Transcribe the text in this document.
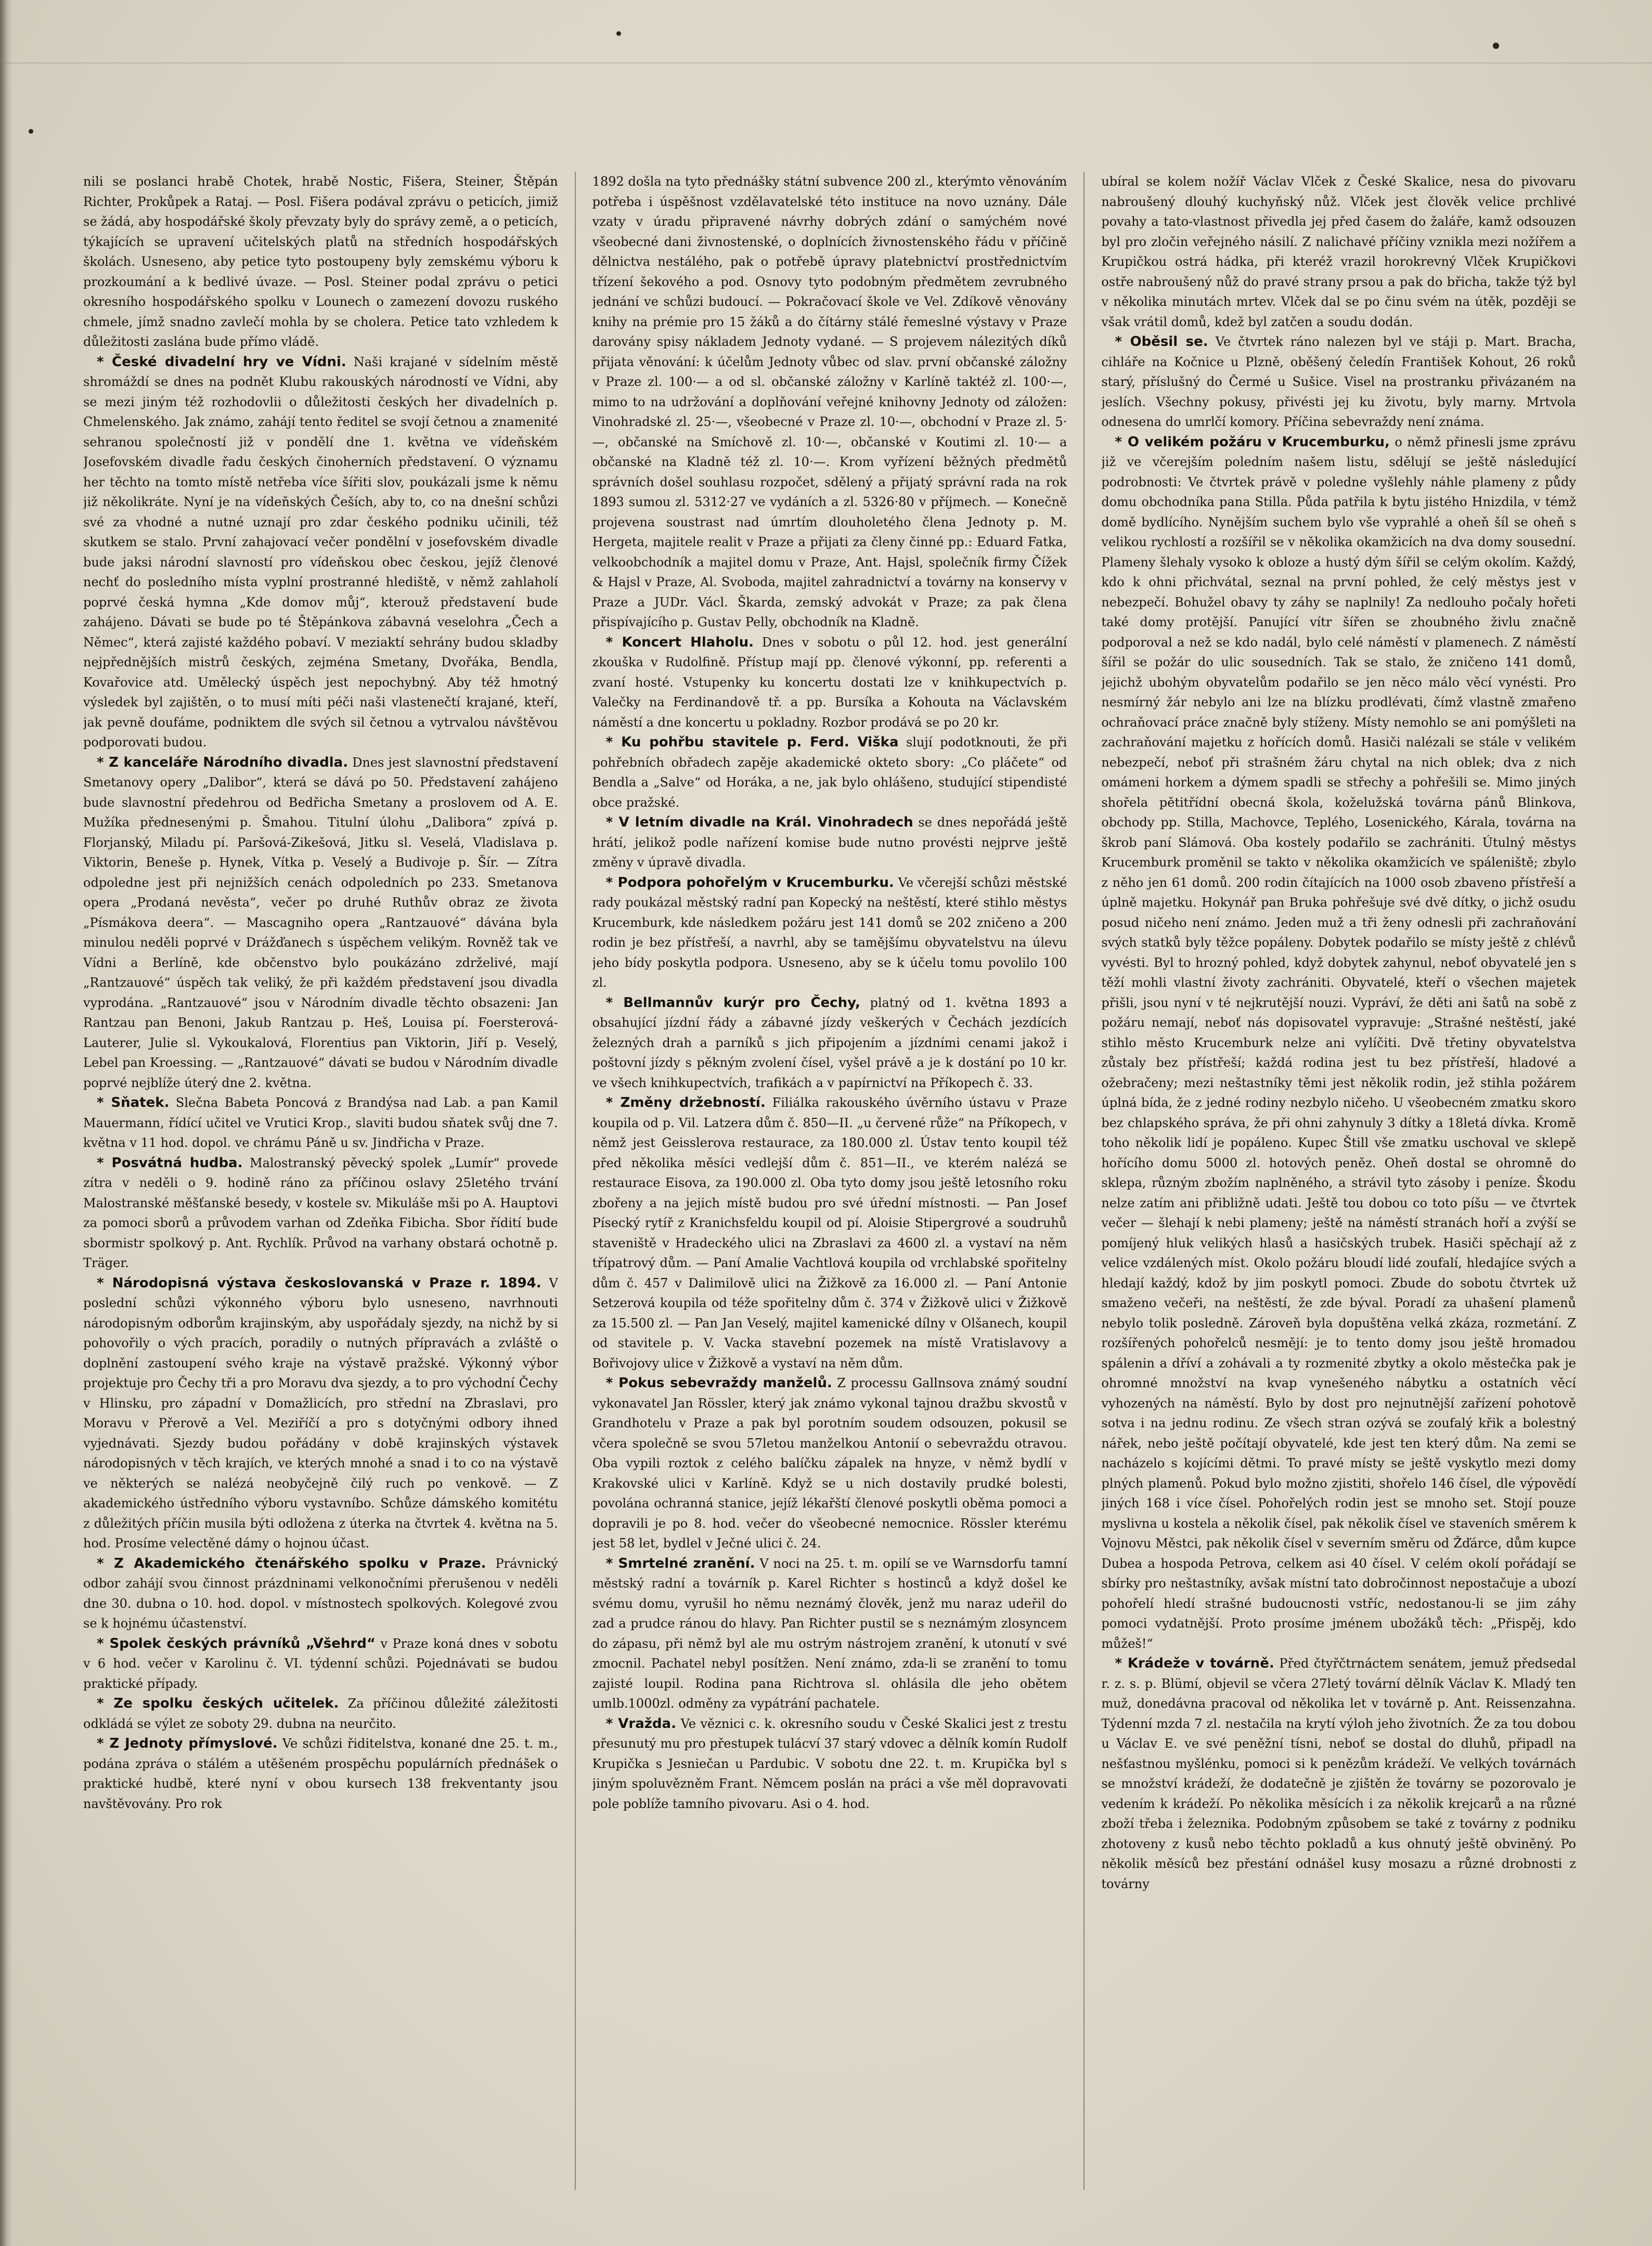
nili se poslanci hrabě Chotek, hrabě Nostic, Fišera, Steiner, Štěpán Richter, Prokůpek a Rataj. — Posl. Fišera podával zprávu o peticích, jimiž se žádá, aby hospodářské školy převzaty byly do správy země, a o peticích, týkajících se upravení učitelských platů na středních hospodářských školách. Usneseno, aby petice tyto postoupeny byly zemskému výboru k prozkoumání a k bedlivé úvaze. — Posl. Steiner podal zprávu o petici okresního hospodářského spolku v Lounech o zamezení dovozu ruského chmele, jímž snadno zavlečí mohla by se cholera. Petice tato vzhledem k důležitosti zaslána bude přímo vládě.

* České divadelní hry ve Vídni. Naši krajané v sídelním městě shromáždí se dnes na podnět Klubu rakouských národností ve Vídni, aby se mezi jiným též rozhodovlii o důležitosti českých her divadelních p. Chmelenského. Jak známo, zahájí tento ředitel se svojí četnou a znamenité sehranou společností již v pondělí dne 1. května ve vídeňském Josefovském divadle řadu českých činoherních představení. O významu her těchto na tomto místě netřeba více šířiti slov, poukázali jsme k němu již několikráte. Nyní je na vídeňských Češích, aby to, co na dnešní schůzi své za vhodné a nutné uznají pro zdar českého podniku učinili, též skutkem se stalo. První zahajovací večer pondělní v josefovském divadle bude jaksi národní slavností pro vídeňskou obec českou, jejíž členové nechť do posledního místa vyplní prostranné hlediště, v němž zahlaholí poprvé česká hymna „Kde domov můj“, kterouž představení bude zahájeno. Dávati se bude po té Štěpánkova zábavná veselohra „Čech a Němec“, která zajisté každého pobaví. V meziaktí sehrány budou skladby nejpřednějších mistrů českých, zejména Smetany, Dvořáka, Bendla, Kovařovice atd. Umělecký úspěch jest nepochybný. Aby též hmotný výsledek byl zajištěn, o to musí míti péči naši vlastenečtí krajané, kteří, jak pevně doufáme, podniktem dle svých sil četnou a vytrvalou návštěvou podporovati budou.

* Z kanceláře Národního divadla. Dnes jest slavnostní představení Smetanovy opery „Dalibor“, která se dává po 50. Představení zahájeno bude slavnostní předehrou od Bedřicha Smetany a proslovem od A. E. Mužíka přednesenými p. Šmahou. Titulní úlohu „Dalibora“ zpívá p. Florjanský, Miladu pí. Paršová-Zikešová, Jitku sl. Veselá, Vladislava p. Viktorin, Beneše p. Hynek, Vítka p. Veselý a Budivoje p. Šír. — Zítra odpoledne jest při nejnižších cenách odpoledních po 233. Smetanova opera „Prodaná nevěsta“, večer po druhé Ruthův obraz ze života „Písmákova deera“. — Mascagniho opera „Rantzauové“ dávána byla minulou neděli poprvé v Drážďanech s úspěchem velikým. Rovněž tak ve Vídni a Berlíně, kde občenstvo bylo poukázáno zdrželivé, mají „Rantzauové“ úspěch tak veliký, že při každém představení jsou divadla vyprodána. „Rantzauové“ jsou v Národním divadle těchto obsazeni: Jan Rantzau pan Benoni, Jakub Rantzau p. Heš, Louisa pí. Foersterová-Lauterer, Julie sl. Vykoukalová, Florentius pan Viktorin, Jiří p. Veselý, Lebel pan Kroessing. — „Rantzauové“ dávati se budou v Národním divadle poprvé nejblíže úterý dne 2. května.

* Sňatek. Slečna Babeta Poncová z Brandýsa nad Lab. a pan Kamil Mauermann, řídící učitel ve Vrutici Krop., slaviti budou sňatek svůj dne 7. května v 11 hod. dopol. ve chrámu Páně u sv. Jindřicha v Praze.

* Posvátná hudba. Malostranský pěvecký spolek „Lumír“ provede zítra v neděli o 9. hodině ráno za příčinou oslavy 25letého trvání Malostranské měšťanské besedy, v kostele sv. Mikuláše mši po A. Hauptovi za pomoci sborů a průvodem varhan od Zdeňka Fibicha. Sbor řídití bude sbormistr spolkový p. Ant. Rychlík. Průvod na varhany obstará ochotně p. Träger.

* Národopisná výstava českoslovanská v Praze r. 1894. V poslední schůzi výkonného výboru bylo usneseno, navrhnouti národopisným odborům krajinským, aby uspořádaly sjezdy, na nichž by si pohovořily o vých pracích, poradily o nutných přípravách a zvláště o doplnění zastoupení svého kraje na výstavě pražské. Výkonný výbor projektuje pro Čechy tři a pro Moravu dva sjezdy, a to pro východní Čechy v Hlinsku, pro západní v Domažlicích, pro střední na Zbraslavi, pro Moravu v Přerově a Vel. Meziříčí a pro s dotyčnými odbory ihned vyjednávati. Sjezdy budou pořádány v době krajinských výstavek národopisných v těch krajích, ve kterých mnohé a snad i to co na výstavě ve některých se nalézá neobyčejně čilý ruch po venkově. — Z akademického ústředního výboru vystavníbo. Schůze dámského komitétu z důležitých příčin musila býti odložena z úterka na čtvrtek 4. května na 5. hod. Prosíme velectěné dámy o hojnou účast.

* Z Akademického čtenářského spolku v Praze. Právnický odbor zahájí svou činnost prázdninami velkonočními přerušenou v neděli dne 30. dubna o 10. hod. dopol. v místnostech spolkových. Kolegové zvou se k hojnému účastenství.

* Spolek českých právníků „Všehrd“ v Praze koná dnes v sobotu v 6 hod. večer v Karolinu č. VI. týdenní schůzi. Pojednávati se budou praktické případy.

* Ze spolku českých učitelek. Za příčinou důležité záležitosti odkládá se výlet ze soboty 29. dubna na neurčito.

* Z Jednoty přímyslové. Ve schůzi řiditelstva, konané dne 25. t. m., podána zpráva o stálém a utěšeném prospěchu populárních přednášek o praktické hudbě, které nyní v obou kursech 138 frekventanty jsou navštěvovány. Pro rok

1892 došla na tyto přednášky státní subvence 200 zl., kterýmto věnováním potřeba i úspěšnost vzdělavatelské této instituce na novo uznány. Dále vzaty v úradu připravené návrhy dobrých zdání o samýchém nové všeobecné dani živnostenské, o doplnících živnostenského řádu v příčině dělnictva nestálého, pak o potřebě úpravy platebnictví prostřednictvím třízení šekového a pod. Osnovy tyto podobným předmětem zevrubného jednání ve schůzi budoucí. — Pokračovací škole ve Vel. Zdíkově věnovány knihy na prémie pro 15 žáků a do čítárny stálé řemeslné výstavy v Praze darovány spisy nákladem Jednoty vydané. — S projevem nálezitých díků přijata věnování: k účelům Jednoty vůbec od slav. první občanské záložny v Praze zl. 100·— a od sl. občanské záložny v Karlíně taktéž zl. 100·—, mimo to na udržování a doplňování veřejné knihovny Jednoty od záložen: Vinohradské zl. 25·—, všeobecné v Praze zl. 10·—, obchodní v Praze zl. 5·—, občanské na Smíchově zl. 10·—, občanské v Koutimi zl. 10·— a občanské na Kladně též zl. 10·—. Krom vyřízení běžných předmětů správních došel souhlasu rozpočet, sdělený a přijatý správní rada na rok 1893 sumou zl. 5312·27 ve vydáních a zl. 5326·80 v příjmech. — Konečně projevena soustrast nad úmrtím dlouholetého člena Jednoty p. M. Hergeta, majitele realit v Praze a přijati za členy činné pp.: Eduard Fatka, velkoobchodník a majitel domu v Praze, Ant. Hajsl, společník firmy Čížek & Hajsl v Praze, Al. Svoboda, majitel zahradnictví a továrny na konservy v Praze a JUDr. Václ. Škarda, zemský advokát v Praze; za pak člena přispívajícího p. Gustav Pelly, obchodník na Kladně.

* Koncert Hlaholu. Dnes v sobotu o půl 12. hod. jest generální zkouška v Rudolfině. Přístup mají pp. členové výkonní, pp. referenti a zvaní hosté. Vstupenky ku koncertu dostati lze v knihkupectvích p. Valečky na Ferdinandově tř. a pp. Bursíka a Kohouta na Václavském náměstí a dne koncertu u pokladny. Rozbor prodává se po 20 kr.

* Ku pohřbu stavitele p. Ferd. Viška slují podotknouti, že při pohřebních obřadech zapěje akademické okteto sbory: „Co pláčete“ od Bendla a „Salve“ od Horáka, a ne, jak bylo ohlášeno, studující stipendisté obce pražské.

* V letním divadle na Král. Vinohradech se dnes nepořádá ještě hrátí, jelikož podle nařízení komise bude nutno provésti nejprve ještě změny v úpravě divadla.

* Podpora pohořelým v Krucemburku. Ve včerejší schůzi městské rady poukázal městský radní pan Kopecký na neštěstí, které stihlo městys Krucemburk, kde následkem požáru jest 141 domů se 202 zničeno a 200 rodin je bez přístřeší, a navrhl, aby se tamějšímu obyvatelstvu na úlevu jeho bídy poskytla podpora. Usneseno, aby se k účelu tomu povolilo 100 zl.

* Bellmannův kurýr pro Čechy, platný od 1. května 1893 a obsahující jízdní řády a zábavné jízdy veškerých v Čechách jezdících železných drah a parníků s jich připojením a jízdními cenami jakož i poštovní jízdy s pěkným zvolení čísel, vyšel právě a je k dostání po 10 kr. ve všech knihkupectvích, trafikách a v papírnictví na Příkopech č. 33.

* Změny držebností. Filiálka rakouského úvěrního ústavu v Praze koupila od p. Vil. Latzera dům č. 850—II. „u červené růže“ na Příkopech, v němž jest Geisslerova restaurace, za 180.000 zl. Ústav tento koupil též před několika měsíci vedlejší dům č. 851—II., ve kterém nalézá se restaurace Eisova, za 190.000 zl. Oba tyto domy jsou ještě letosního roku zbořeny a na jejich místě budou pro své úřední místnosti. — Pan Josef Písecký rytíř z Kranichsfeldu koupil od pí. Aloisie Stipergrové a soudruhů staveniště v Hradeckého ulici na Zbraslavi za 4600 zl. a vystaví na něm třípatrový dům. — Paní Amalie Vachtlová koupila od vrchlabské spořitelny dům č. 457 v Dalimilově ulici na Žižkově za 16.000 zl. — Paní Antonie Setzerová koupila od téže spořitelny dům č. 374 v Žižkově ulici v Žižkově za 15.500 zl. — Pan Jan Veselý, majitel kamenické dílny v Olšanech, koupil od stavitele p. V. Vacka stavební pozemek na místě Vratislavovy a Bořivojovy ulice v Žižkově a vystaví na něm dům.

* Pokus sebevraždy manželů. Z processu Gallnsova známý soudní vykonavatel Jan Rössler, který jak známo vykonal tajnou dražbu skvostů v Grandhotelu v Praze a pak byl porotním soudem odsouzen, pokusil se včera společně se svou 57letou manželkou Antonií o sebevraždu otravou. Oba vypili roztok z celého balíčku zápalek na hnyze, v němž bydlí v Krakovské ulici v Karlíně. Když se u nich dostavily prudké bolesti, povolána ochranná stanice, jejíž lékařští členové poskytli oběma pomoci a dopravili je po 8. hod. večer do všeobecné nemocnice. Rössler kterému jest 58 let, bydlel v Ječné ulici č. 24.

* Smrtelné zranění. V noci na 25. t. m. opilí se ve Warnsdorfu tamní městský radní a továrník p. Karel Richter s hostinců a když došel ke svému domu, vyrušil ho němu neznámý člověk, jenž mu naraz udeřil do zad a prudce ránou do hlavy. Pan Richter pustil se s neznámým zlosyncem do zápasu, při němž byl ale mu ostrým nástrojem zranění, k utonutí v své zmocnil. Pachatel nebyl posítžen. Není známo, zda-li se zranění to tomu zajisté loupil. Rodina pana Richtrova sl. ohlásila dle jeho obětem umlb.1000zl. odměny za vypátrání pachatele.

* Vražda. Ve věznici c. k. okresního soudu v České Skalici jest z trestu přesunutý mu pro přestupek tulácví 37 starý vdovec a dělník komín Rudolf Krupička s Jesniečan u Pardubic. V sobotu dne 22. t. m. Krupička byl s jiným spoluvězněm Frant. Němcem poslán na práci a vše měl dopravovati pole poblíže tamního pivovaru. Asi o 4. hod.

ubíral se kolem nožíř Václav Vlček z České Skalice, nesa do pivovaru nabroušený dlouhý kuchyňský nůž. Vlček jest člověk velice prchlivé povahy a tato-vlastnost přivedla jej před časem do žaláře, kamž odsouzen byl pro zločin veřejného násilí. Z nalichavé příčiny vznikla mezi nožířem a Krupičkou ostrá hádka, při kteréž vrazil horokrevný Vlček Krupičkovi ostře nabroušený nůž do pravé strany prsou a pak do břicha, takže týž byl v několika minutách mrtev. Vlček dal se po činu svém na útěk, později se však vrátil domů, kdež byl zatčen a soudu dodán.

* Oběsil se. Ve čtvrtek ráno nalezen byl ve stáji p. Mart. Bracha, cihláře na Kočnice u Plzně, oběšený čeledín František Kohout, 26 roků starý, příslušný do Čermé u Sušice. Visel na prostranku přivázaném na jeslích. Všechny pokusy, přivésti jej ku životu, byly marny. Mrtvola odnesena do umrlčí komory. Příčina sebevraždy není známa.

* O velikém požáru v Krucemburku, o němž přinesli jsme zprávu již ve včerejším poledním našem listu, sdělují se ještě následující podrobnosti: Ve čtvrtek právě v poledne vyšlehly náhle plameny z půdy domu obchodníka pana Stilla. Půda patřila k bytu jistého Hnizdila, v témž domě bydlícího. Nynějším suchem bylo vše vyprahlé a oheň šíl se oheň s velikou rychlostí a rozšířil se v několika okamžicích na dva domy sousední. Plameny šlehaly vysoko k obloze a hustý dým šířil se celým okolím. Každý, kdo k ohni přichvátal, seznal na první pohled, že celý městys jest v nebezpečí. Bohužel obavy ty záhy se naplnily! Za nedlouho počaly hořeti také domy protější. Panující vítr šířen se zhoubného živlu značně podporoval a než se kdo nadál, bylo celé náměstí v plamenech. Z náměstí šířil se požár do ulic sousedních. Tak se stalo, že zničeno 141 domů, jejichž ubohým obyvatelům podařilo se jen něco málo věcí vynésti. Pro nesmírný žár nebylo ani lze na blízku prodlévati, čímž vlastně zmařeno ochraňovací práce značně byly stíženy. Místy nemohlo se ani pomýšleti na zachraňování majetku z hořících domů. Hasiči nalézali se stále v velikém nebezpečí, neboť při strašném žáru chytal na nich oblek; dva z nich omámeni horkem a dýmem spadli se střechy a pohřešili se. Mimo jiných shořela pětitřídní obecná škola, koželužská továrna pánů Blinkova, obchody pp. Stilla, Machovce, Teplého, Losenického, Kárala, továrna na škrob paní Slámová. Oba kostely podařilo se zachrániti. Útulný městys Krucemburk proměnil se takto v několika okamžicích ve spáleniště; zbylo z něho jen 61 domů. 200 rodin čítajících na 1000 osob zbaveno přístřeší a úplně majetku. Hokynář pan Bruka pohřešuje své dvě dítky, o jichž osudu posud ničeho není známo. Jeden muž a tři ženy odnesli při zachraňování svých statků byly těžce popáleny. Dobytek podařilo se místy ještě z chlévů vyvésti. Byl to hrozný pohled, když dobytek zahynul, neboť obyvatelé jen s těží mohli vlastní životy zachrániti. Obyvatelé, kteří o všechen majetek přišli, jsou nyní v té nejkrutější nouzi. Vypráví, že děti ani šatů na sobě z požáru nemají, neboť nás dopisovatel vypravuje: „Strašné neštěstí, jaké stihlo město Krucemburk nelze ani vylíčiti. Dvě třetiny obyvatelstva zůstaly bez přístřeší; každá rodina jest tu bez přístřeší, hladové a ožebračeny; mezi neštastníky těmi jest několik rodin, jež stihla požárem úplná bída, že z jedné rodiny nezbylo ničeho. U všeobecném zmatku skoro bez chlapského správa, že při ohni zahynuly 3 dítky a 18letá dívka. Kromě toho několik lidí je popáleno. Kupec Štill vše zmatku uschoval ve sklepě hořícího domu 5000 zl. hotových peněz. Oheň dostal se ohromně do sklepa, různým zbožím naplněného, a strávil tyto zásoby i peníze. Škodu nelze zatím ani přibližně udati. Ještě tou dobou co toto píšu — ve čtvrtek večer — šlehají k nebi plameny; ještě na náměstí stranách hoří a zvýší se pomíjený hluk velikých hlasů a hasičských trubek. Hasiči spěchají až z velice vzdálených míst. Okolo požáru bloudí lidé zoufalí, hledajíce svých a hledají každý, kdož by jim poskytl pomoci. Zbude do sobotu čtvrtek už smaženo večeři, na neštěstí, že zde býval. Poradí za uhašení plamenů nebylo tolik posledně. Zároveň byla dopuštěna velká zkáza, rozmetání. Z rozšířených pohořelců nesmějí: je to tento domy jsou ještě hromadou spálenin a dříví a zohávali a ty rozmenité zbytky a okolo městečka pak je ohromné množství na kvap vynešeného nábytku a ostatních věcí vyhozených na náměstí. Bylo by dost pro nejnutnější zařízení pohotově sotva i na jednu rodinu. Ze všech stran ozývá se zoufalý křik a bolestný nářek, nebo ještě počítají obyvatelé, kde jest ten který dům. Na zemi se nacházelo s kojícími dětmi. To pravé místy se ještě vyskytlo mezi domy plných plamenů. Pokud bylo možno zjistiti, shořelo 146 čísel, dle výpovědí jiných 168 i více čísel. Pohořelých rodin jest se mnoho set. Stojí pouze myslivna u kostela a několik čísel, pak několik čísel ve staveních směrem k Vojnovu Městci, pak několik čísel v severním směru od Žďárce, dům kupce Dubea a hospoda Petrova, celkem asi 40 čísel. V celém okolí pořádají se sbírky pro neštastníky, avšak místní tato dobročinnost nepostačuje a ubozí pohořelí hledí strašné budoucnosti vstříc, nedostanou-li se jim záhy pomoci vydatnější. Proto prosíme jménem ubožáků těch: „Přispěj, kdo můžeš!“

* Krádeže v továrně. Před čtyřčtrnáctem senátem, jemuž předsedal r. z. s. p. Blümí, objevil se včera 27letý tovární dělník Václav K. Mladý ten muž, donedávna pracoval od několika let v továrně p. Ant. Reissenzahna. Týdenní mzda 7 zl. nestačila na krytí výloh jeho životních. Že za tou dobou u Václav E. ve své peněžní tísni, neboť se dostal do dluhů, připadl na nešťastnou myšlénku, pomoci si k penězům krádeží. Ve velkých továrnách se množství krádeží, že dodatečně je zjištěn že továrny se pozorovalo je vedením k krádeží. Po několika měsících i za několik krejcarů a na různé zboží třeba i železnika. Podobným způsobem se také z továrny z podniku zhotoveny z kusů nebo těchto pokladů a kus ohnutý ještě obviněný. Po několik měsíců bez přestání odnášel kusy mosazu a různé drobnosti z továrny
